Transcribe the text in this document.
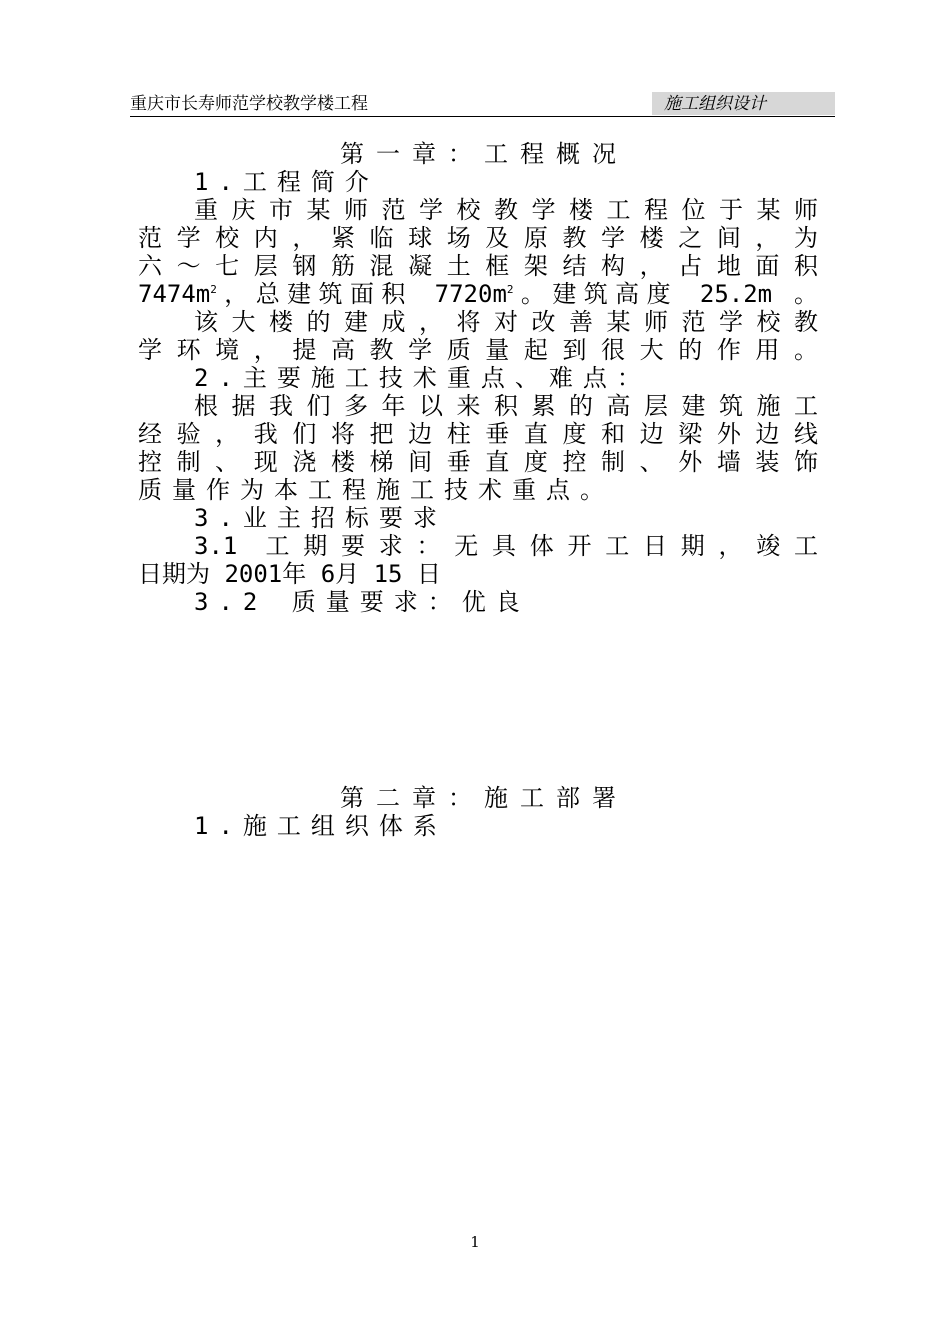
重庆市长寿师范学校教学楼工程	施工组织设计
第一章：工程概况
1.工程简介
重庆市某师范学校教学楼工程位于某师
范学校内，紧临球场及原教学楼之间，为
六～七层钢筋混凝土框架结构，占地面积
$7474m^2$，总建筑面积 $7720m^2$。建筑高度 25.2m 。
该大楼的建成，将对改善某师范学校教
学环境，提高教学质量起到很大的作用。
2.主要施工技术重点、难点：
根据我们多年以来积累的高层建筑施工
经验，我们将把边柱垂直度和边梁外边线
控制、现浇楼梯间垂直度控制、外墙装饰
质量作为本工程施工技术重点。
3.业主招标要求
3.1 工期要求：无具体开工日期，竣工
日期为 2001年 6月 15 日
3.2 质量要求：优良
第二章：施工部署
1.施工组织体系
1
